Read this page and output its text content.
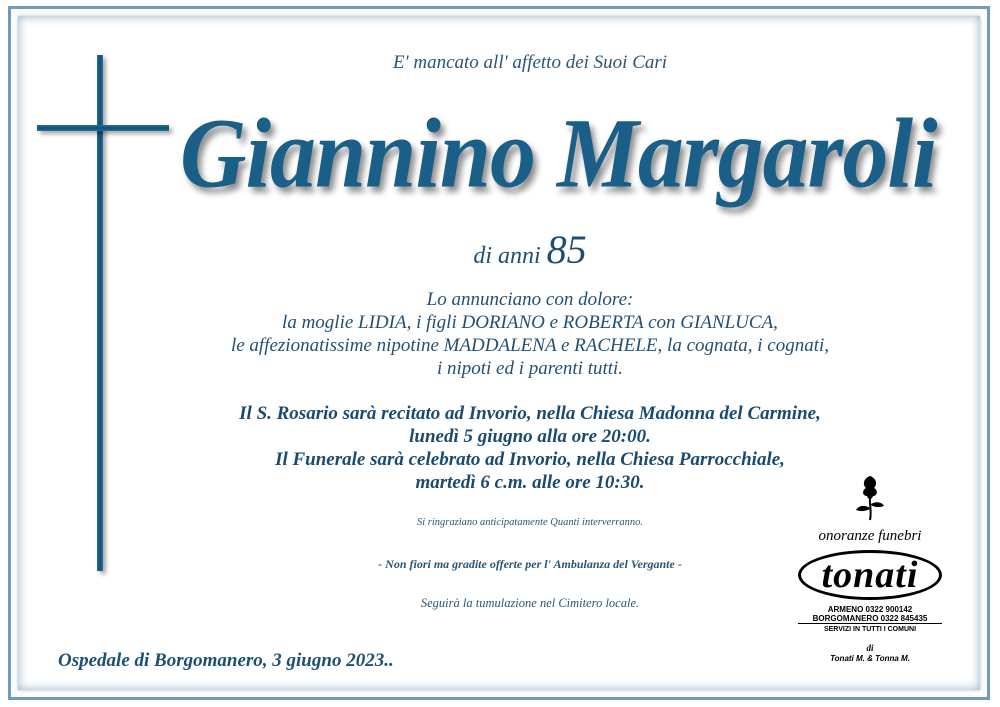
E' mancato all' affetto dei Suoi Cari
Giannino Margaroli
di anni 85
Lo annunciano con dolore:
la moglie LIDIA, i figli DORIANO e ROBERTA con GIANLUCA,
le affezionatissime nipotine MADDALENA e RACHELE, la cognata, i cognati,
i nipoti ed i parenti tutti.
Il S. Rosario sarà recitato ad Invorio, nella Chiesa Madonna del Carmine,
lunedì 5 giugno alla ore 20:00.
Il Funerale sarà celebrato ad Invorio, nella Chiesa Parrocchiale,
martedì 6 c.m. alle ore 10:30.
Si ringraziano anticipatamente Quanti interverranno.
- Non fiori ma gradite offerte per l' Ambulanza del Vergante -
Seguirà la tumulazione nel Cimitero locale.
Ospedale di Borgomanero, 3 giugno 2023..
onoranze funebri
tonati
ARMENO 0322 900142
BORGOMANERO 0322 845435
SERVIZI IN TUTTI I COMUNI
di
Tonati M. & Tonna M.
